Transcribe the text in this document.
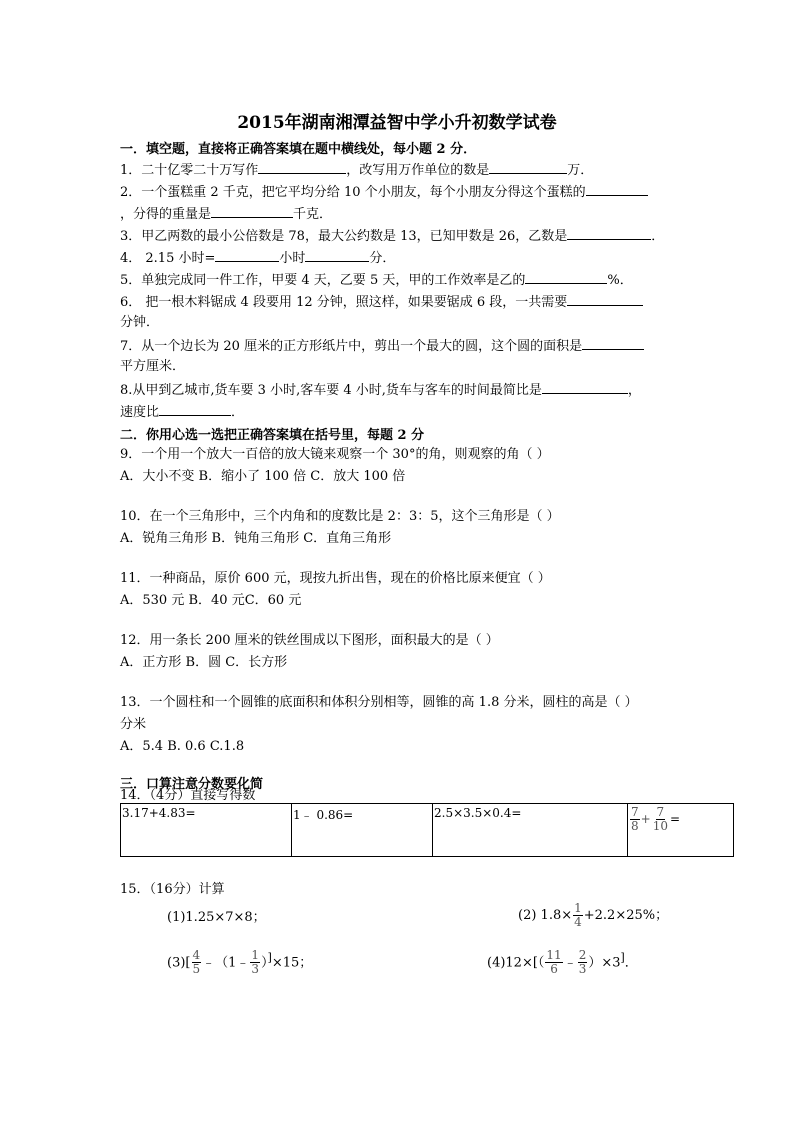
2015年湖南湘潭益智中学小升初数学试卷
一．填空题，直接将正确答案填在题中横线处，每小题 2 分．
1．二十亿零二十万写作	，改写用万作单位的数是	万．
2．一个蛋糕重 2 千克，把它平均分给 10 个小朋友，每个小朋友分得这个蛋糕的
，分得的重量是	千克．
3．甲乙两数的最小公倍数是 78，最大公约数是 13，已知甲数是 26，乙数是	．
4． 2.15 小时=	小时	分．
5．单独完成同一件工作，甲要 4 天，乙要 5 天，甲的工作效率是乙的	%．
6． 把一根木料锯成 4 段要用 12 分钟，照这样，如果要锯成 6 段，一共需要
分钟．
7．从一个边长为 20 厘米的正方形纸片中，剪出一个最大的圆，这个圆的面积是
平方厘米．
8.从甲到乙城市,货车要 3 小时,客车要 4 小时,货车与客车的时间最简比是	，
速度比	．
二．你用心选一选把正确答案填在括号里，每题 2 分
9．一个用一个放大一百倍的放大镜来观察一个 30°的角，则观察的角（ ）
A．大小不变 B．缩小了 100 倍 C．放大 100 倍
10．在一个三角形中，三个内角和的度数比是 2：3：5，这个三角形是（ ）
A．锐角三角形 B．钝角三角形 C．直角三角形
11．一种商品，原价 600 元，现按九折出售，现在的价格比原来便宜（ ）
A．530 元 B．40 元C．60 元
12．用一条长 200 厘米的铁丝围成以下图形，面积最大的是（ ）
A．正方形 B．圆 C．长方形
13．一个圆柱和一个圆锥的底面积和体积分别相等，圆锥的高 1.8 分米，圆柱的高是（ ）
分米
A．5.4 B. 0.6 C.1.8
三．口算注意分数要化简
14．（4分）直接写得数
3.17+4.83=	1﹣ 0.86=	2.5×3.5×0.4=	$\frac{7}{8} + \frac{7}{10}$ =
15．（16分）计算
(1)1.25×7×8；	(2) $1.8\times \frac{1}{4} +2.2\times 25\%$；
$(3)[ \frac{4}{5}$ ﹣（1﹣ $\frac{1}{3} )^]\times 15$；	$(4)12\times[( \frac{11}{6}$ ﹣ $\frac{2}{3} )\times 3^]$．
